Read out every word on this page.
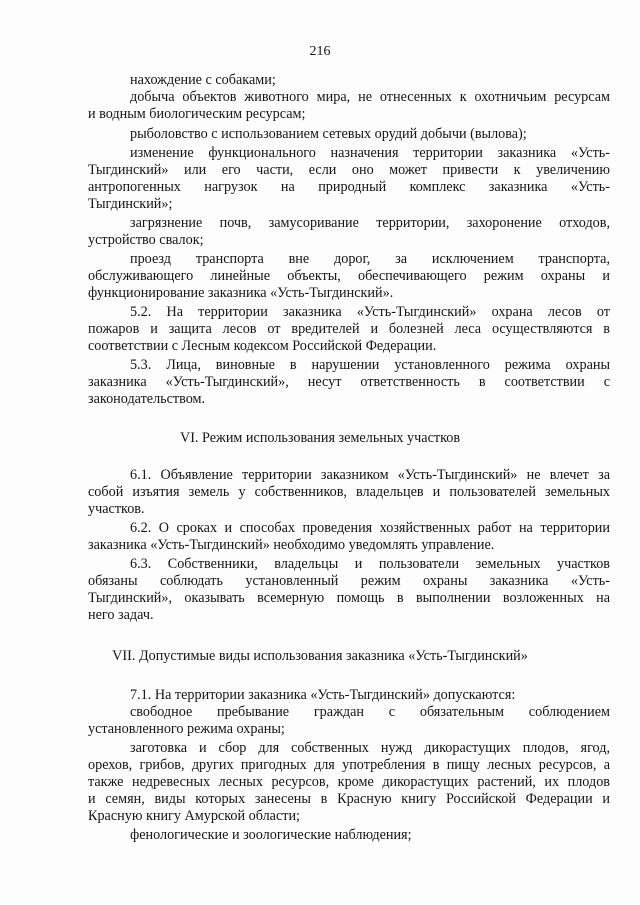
216
нахождение с собаками;
добыча объектов животного мира, не отнесенных к охотничьим ресурсам
и водным биологическим ресурсам;
рыболовство с использованием сетевых орудий добычи (вылова);
изменение функционального назначения территории заказника «Усть-
Тыгдинский» или его части, если оно может привести к увеличению
антропогенных нагрузок на природный комплекс заказника «Усть-
Тыгдинский»;
загрязнение почв, замусоривание территории, захоронение отходов,
устройство свалок;
проезд транспорта вне дорог, за исключением транспорта,
обслуживающего линейные объекты, обеспечивающего режим охраны и
функционирование заказника «Усть-Тыгдинский».
5.2. На территории заказника «Усть-Тыгдинский» охрана лесов от
пожаров и защита лесов от вредителей и болезней леса осуществляются в
соответствии с Лесным кодексом Российской Федерации.
5.3. Лица, виновные в нарушении установленного режима охраны
заказника «Усть-Тыгдинский», несут ответственность в соответствии с
законодательством.
VI. Режим использования земельных участков
6.1. Объявление территории заказником «Усть-Тыгдинский» не влечет за
собой изъятия земель у собственников, владельцев и пользователей земельных
участков.
6.2. О сроках и способах проведения хозяйственных работ на территории
заказника «Усть-Тыгдинский» необходимо уведомлять управление.
6.3. Собственники, владельцы и пользователи земельных участков
обязаны соблюдать установленный режим охраны заказника «Усть-
Тыгдинский», оказывать всемерную помощь в выполнении возложенных на
него задач.
VII. Допустимые виды использования заказника «Усть-Тыгдинский»
7.1. На территории заказника «Усть-Тыгдинский» допускаются:
свободное пребывание граждан с обязательным соблюдением
установленного режима охраны;
заготовка и сбор для собственных нужд дикорастущих плодов, ягод,
орехов, грибов, других пригодных для употребления в пищу лесных ресурсов, а
также недревесных лесных ресурсов, кроме дикорастущих растений, их плодов
и семян, виды которых занесены в Красную книгу Российской Федерации и
Красную книгу Амурской области;
фенологические и зоологические наблюдения;
